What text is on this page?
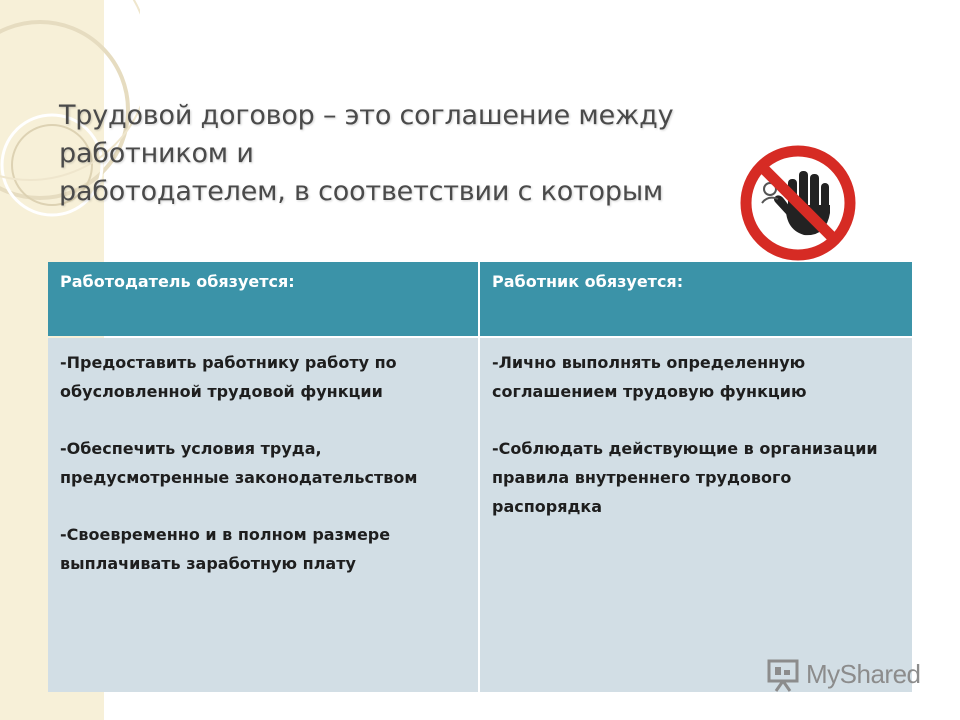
Трудовой договор – это соглашение между работником и
работодателем, в соответствии с которым
Работодатель обязуется:	Работник обязуется:

-Предоставить работнику работу по обусловленной трудовой функции

-Обеспечить условия труда, предусмотренные законодательством

-Своевременно и в полном размере выплачивать заработную плату

-Лично выполнять определенную соглашением трудовую функцию

-Соблюдать действующие в организации правила внутреннего трудового распорядка

MyShared
